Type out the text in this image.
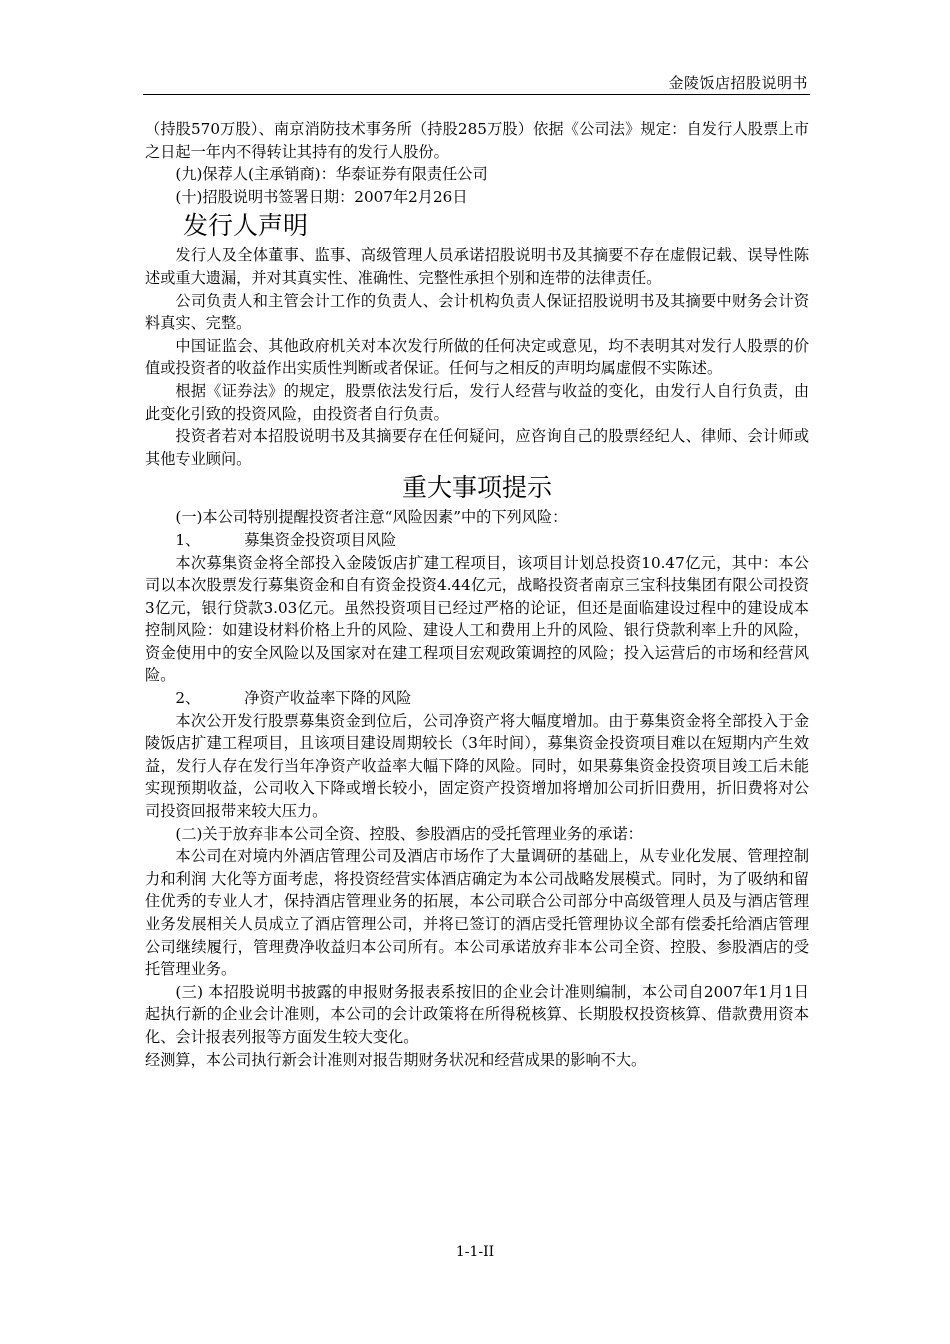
金陵饭店招股说明书

（持股570万股）、南京消防技术事务所（持股285万股）依据《公司法》规定：自发行人股票上市之日起一年内不得转让其持有的发行人股份。

(九)保荐人(主承销商)：华泰证券有限责任公司

(十)招股说明书签署日期：2007年2月26日

发行人声明

发行人及全体董事、监事、高级管理人员承诺招股说明书及其摘要不存在虚假记载、误导性陈述或重大遗漏，并对其真实性、准确性、完整性承担个别和连带的法律责任。

公司负责人和主管会计工作的负责人、会计机构负责人保证招股说明书及其摘要中财务会计资料真实、完整。

中国证监会、其他政府机关对本次发行所做的任何决定或意见，均不表明其对发行人股票的价值或投资者的收益作出实质性判断或者保证。任何与之相反的声明均属虚假不实陈述。

根据《证券法》的规定，股票依法发行后，发行人经营与收益的变化，由发行人自行负责，由此变化引致的投资风险，由投资者自行负责。

投资者若对本招股说明书及其摘要存在任何疑问，应咨询自己的股票经纪人、律师、会计师或其他专业顾问。

重大事项提示

(一)本公司特别提醒投资者注意“风险因素”中的下列风险：

1、	募集资金投资项目风险

本次募集资金将全部投入金陵饭店扩建工程项目，该项目计划总投资10.47亿元，其中：本公司以本次股票发行募集资金和自有资金投资4.44亿元，战略投资者南京三宝科技集团有限公司投资3亿元，银行贷款3.03亿元。虽然投资项目已经过严格的论证，但还是面临建设过程中的建设成本控制风险：如建设材料价格上升的风险、建设人工和费用上升的风险、银行贷款利率上升的风险，资金使用中的安全风险以及国家对在建工程项目宏观政策调控的风险；投入运营后的市场和经营风险。

2、	净资产收益率下降的风险

本次公开发行股票募集资金到位后，公司净资产将大幅度增加。由于募集资金将全部投入于金陵饭店扩建工程项目，且该项目建设周期较长（3年时间），募集资金投资项目难以在短期内产生效益，发行人存在发行当年净资产收益率大幅下降的风险。同时，如果募集资金投资项目竣工后未能实现预期收益，公司收入下降或增长较小，固定资产投资增加将增加公司折旧费用，折旧费将对公司投资回报带来较大压力。

(二)关于放弃非本公司全资、控股、参股酒店的受托管理业务的承诺：

本公司在对境内外酒店管理公司及酒店市场作了大量调研的基础上，从专业化发展、管理控制力和利润 大化等方面考虑，将投资经营实体酒店确定为本公司战略发展模式。同时，为了吸纳和留住优秀的专业人才，保持酒店管理业务的拓展，本公司联合公司部分中高级管理人员及与酒店管理业务发展相关人员成立了酒店管理公司，并将已签订的酒店受托管理协议全部有偿委托给酒店管理公司继续履行，管理费净收益归本公司所有。本公司承诺放弃非本公司全资、控股、参股酒店的受托管理业务。

(三) 本招股说明书披露的申报财务报表系按旧的企业会计准则编制，本公司自2007年1月1日起执行新的企业会计准则，本公司的会计政策将在所得税核算、长期股权投资核算、借款费用资本化、会计报表列报等方面发生较大变化。

经测算，本公司执行新会计准则对报告期财务状况和经营成果的影响不大。

1-1-II
